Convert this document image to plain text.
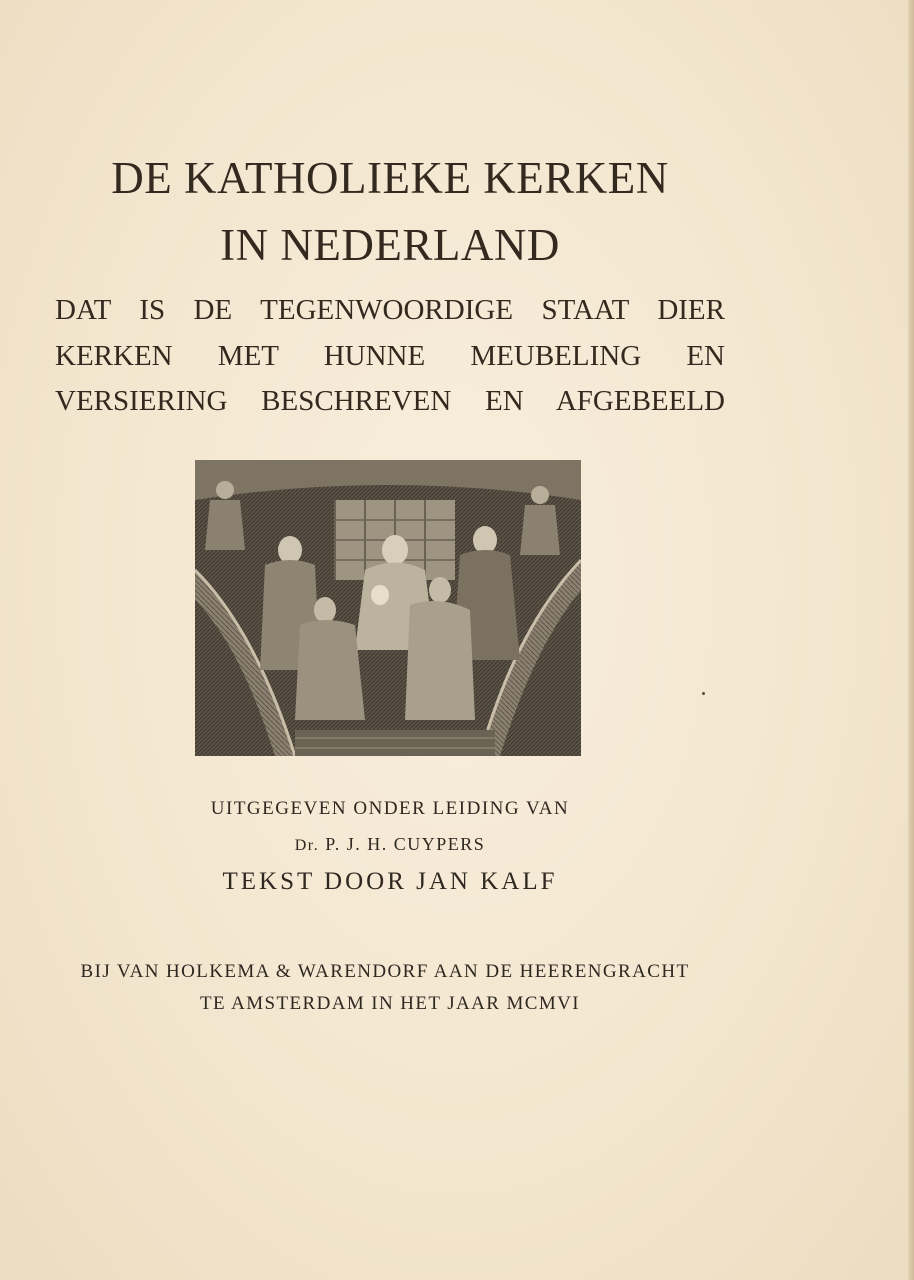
DE KATHOLIEKE KERKEN
IN NEDERLAND
DAT IS DE TEGENWOORDIGE STAAT DIER
KERKEN MET HUNNE MEUBELING EN
VERSIERING BESCHREVEN EN AFGEBEELD
UITGEGEVEN ONDER LEIDING VAN
Dr. P. J. H. CUYPERS
TEKST DOOR JAN KALF
BIJ VAN HOLKEMA & WARENDORF AAN DE HEERENGRACHT
TE AMSTERDAM IN HET JAAR MCMVI
